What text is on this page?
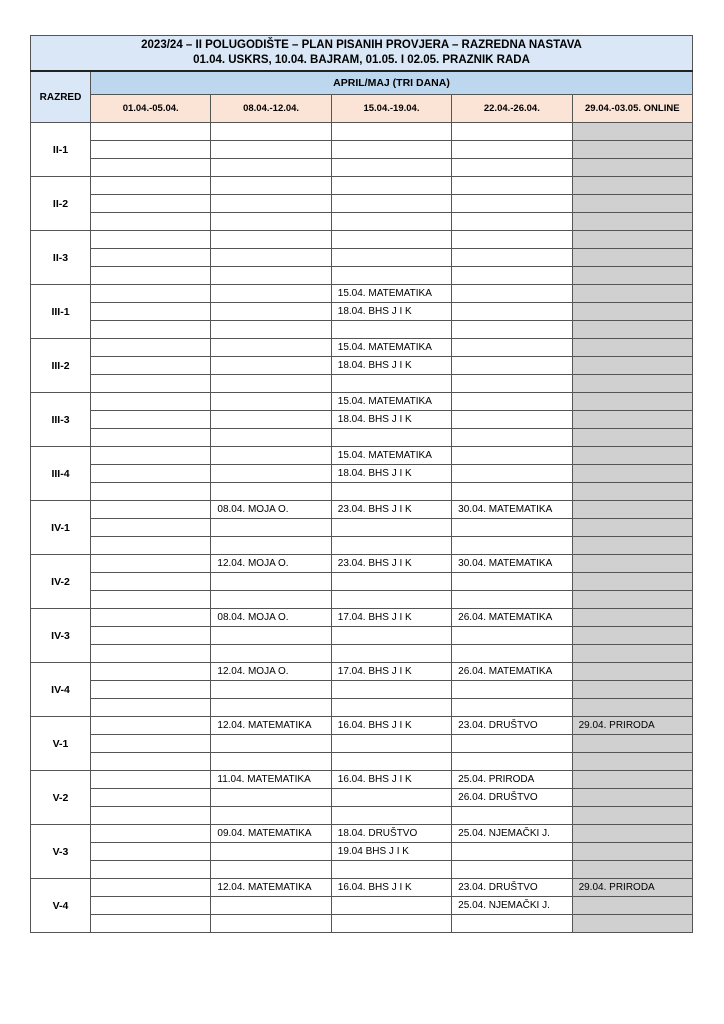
2023/24 – II POLUGODIŠTE – PLAN PISANIH PROVJERA – RAZREDNA NASTAVA
01.04. USKRS, 10.04. BAJRAM, 01.05. I 02.05. PRAZNIK RADA					

RAZRED	APRIL/MAJ (TRI DANA)				
	01.04.-05.04.	08.04.-12.04.	15.04.-19.04.	22.04.-26.04.	29.04.-03.05. ONLINE
II-1					

II-2					

II-3					

III-1			15.04. MATEMATIKA		
			18.04. BHS J I K		

III-2			15.04. MATEMATIKA		
			18.04. BHS J I K		

III-3			15.04. MATEMATIKA		
			18.04. BHS J I K		

III-4			15.04. MATEMATIKA		
			18.04. BHS J I K		

IV-1		08.04. MOJA O.	23.04. BHS J I K	30.04. MATEMATIKA	

IV-2		12.04. MOJA O.	23.04. BHS J I K	30.04. MATEMATIKA	

IV-3		08.04. MOJA O.	17.04. BHS J I K	26.04. MATEMATIKA	

IV-4		12.04. MOJA O.	17.04. BHS J I K	26.04. MATEMATIKA	

V-1		12.04. MATEMATIKA	16.04. BHS J I K	23.04. DRUŠTVO	29.04. PRIRODA

V-2		11.04. MATEMATIKA	16.04. BHS J I K	25.04. PRIRODA	
				26.04. DRUŠTVO	

V-3		09.04. MATEMATIKA	18.04. DRUŠTVO	25.04. NJEMAČKI J.	
			19.04 BHS J I K		

V-4		12.04. MATEMATIKA	16.04. BHS J I K	23.04. DRUŠTVO	29.04. PRIRODA
				25.04. NJEMAČKI J.	
